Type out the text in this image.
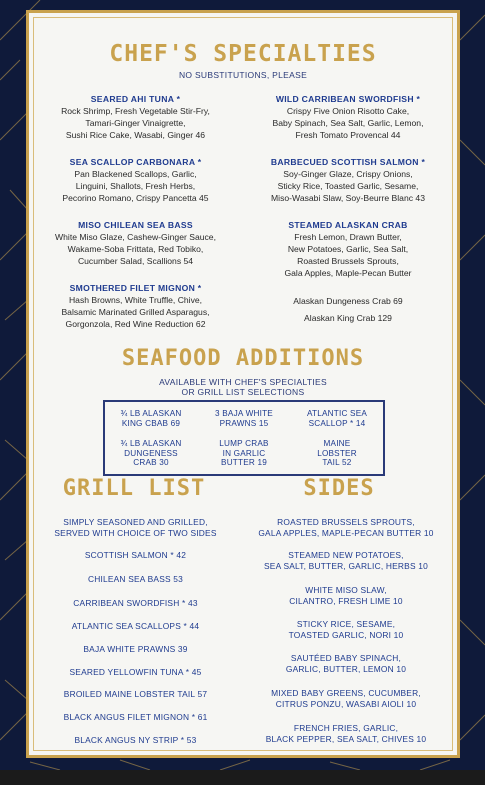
CHEF'S SPECIALTIES
NO SUBSTITUTIONS, PLEASE
SEARED AHI TUNA *
Rock Shrimp, Fresh Vegetable Stir-Fry,
Tamari-Ginger Vinaigrette,
Sushi Rice Cake, Wasabi, Ginger 46
WILD CARRIBEAN SWORDFISH *
Crispy Five Onion Risotto Cake,
Baby Spinach, Sea Salt, Garlic, Lemon,
Fresh Tomato Provencal 44
SEA SCALLOP CARBONARA *
Pan Blackened Scallops, Garlic,
Linguini, Shallots, Fresh Herbs,
Pecorino Romano, Crispy Pancetta 45
BARBECUED SCOTTISH SALMON *
Soy-Ginger Glaze, Crispy Onions,
Sticky Rice, Toasted Garlic, Sesame,
Miso-Wasabi Slaw, Soy-Beurre Blanc 43
MISO CHILEAN SEA BASS
White Miso Glaze, Cashew-Ginger Sauce,
Wakame-Soba Frittata, Red Tobiko,
Cucumber Salad, Scallions 54
STEAMED ALASKAN CRAB
Fresh Lemon, Drawn Butter,
New Potatoes, Garlic, Sea Salt,
Roasted Brussels Sprouts,
Gala Apples, Maple-Pecan Butter
SMOTHERED FILET MIGNON *
Hash Browns, White Truffle, Chive,
Balsamic Marinated Grilled Asparagus,
Gorgonzola, Red Wine Reduction 62
Alaskan Dungeness Crab 69
Alaskan King Crab 129
SEAFOOD ADDITIONS
AVAILABLE WITH CHEF'S SPECIALTIES
OR GRILL LIST SELECTIONS
¾ LB ALASKAN
KING CBAB 69
3 BAJA WHITE
PRAWNS 15
ATLANTIC SEA
SCALLOP * 14
¾ LB ALASKAN
DUNGENESS
CRAB 30
LUMP CRAB
IN GARLIC
BUTTER 19
MAINE
LOBSTER
TAIL 52
GRILL LIST
SIMPLY SEASONED AND GRILLED,
SERVED WITH CHOICE OF TWO SIDES
SCOTTISH SALMON * 42
CHILEAN SEA BASS 53
CARRIBEAN SWORDFISH * 43
ATLANTIC SEA SCALLOPS * 44
BAJA WHITE PRAWNS 39
SEARED YELLOWFIN TUNA * 45
BROILED MAINE LOBSTER TAIL 57
BLACK ANGUS FILET MIGNON * 61
BLACK ANGUS NY STRIP * 53
SIDES
ROASTED BRUSSELS SPROUTS,
GALA APPLES, MAPLE-PECAN BUTTER 10
STEAMED NEW POTATOES,
SEA SALT, BUTTER, GARLIC, HERBS 10
WHITE MISO SLAW,
CILANTRO, FRESH LIME 10
STICKY RICE, SESAME,
TOASTED GARLIC, NORI 10
SAUTÉED BABY SPINACH,
GARLIC, BUTTER, LEMON 10
MIXED BABY GREENS, CUCUMBER,
CITRUS PONZU, WASABI AIOLI 10
FRENCH FRIES, GARLIC,
BLACK PEPPER, SEA SALT, CHIVES 10
